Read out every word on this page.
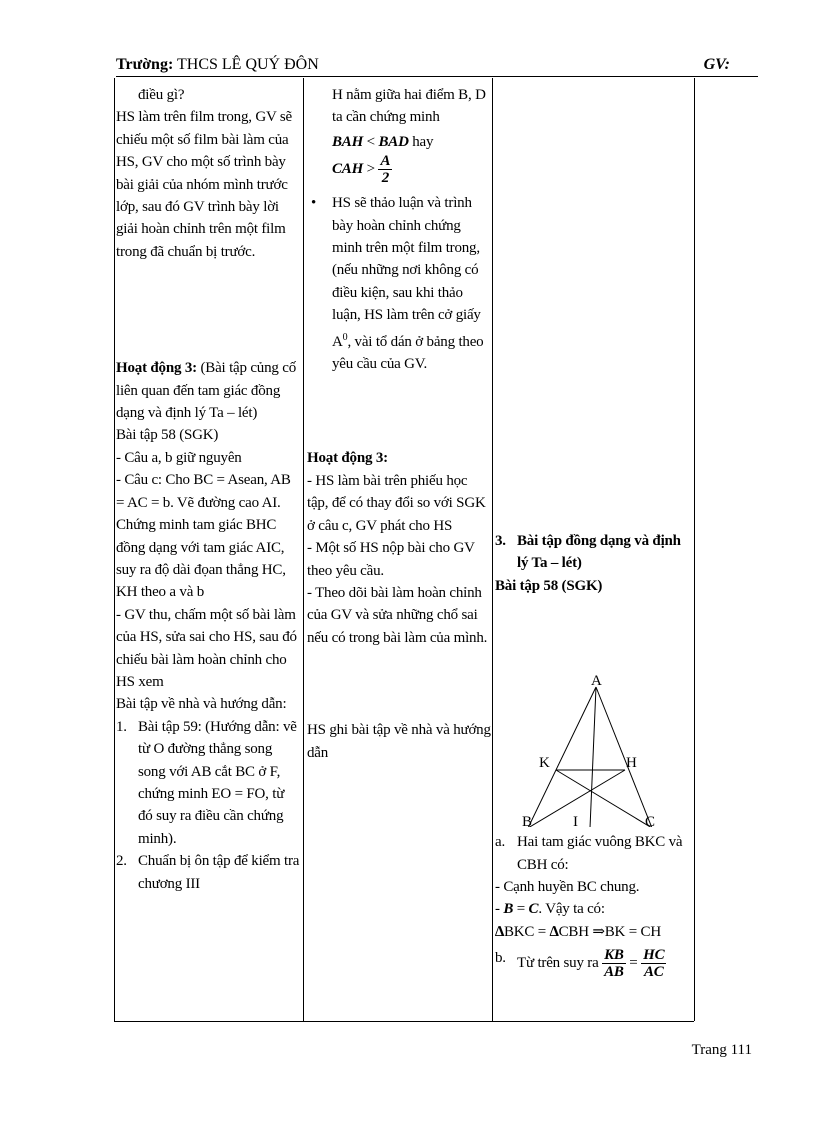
Trường: THCS LÊ QUÝ ĐÔN	GV:

điều gì?

HS làm trên film trong, GV sẽ chiếu một số film bài làm của HS, GV cho một số trình bày bài giải của nhóm mình trước lớp, sau đó GV trình bày lời giải hoàn chỉnh trên một film trong đã chuẩn bị trước.

Hoạt động 3: (Bài tập củng cố liên quan đến tam giác đồng dạng và định lý Ta – lét)

Bài tập 58 (SGK)

- Câu a, b giữ nguyên

- Câu c: Cho BC = Asean, AB = AC = b. Vẽ đường cao AI. Chứng minh tam giác BHC đồng dạng với tam giác AIC, suy ra độ dài đọan thẳng HC, KH theo a và b

- GV thu, chấm một số bài làm của HS, sửa sai cho HS, sau đó chiếu bài làm hoàn chỉnh cho HS xem

Bài tập về nhà và hướng dẫn:

1. Bài tập 59: (Hướng dẫn: vẽ từ O đường thẳng song song với AB cắt BC ở F, chứng minh EO = FO, từ đó suy ra điều cần chứng minh).
2. Chuẩn bị ôn tập để kiểm tra chương III

H nằm giữa hai điểm B, D ta cần chứng minh

BAH < BAD hay

CAH > $\frac{A}{2}$

• HS sẽ thảo luận và trình bày hoàn chỉnh chứng minh trên một film trong, (nếu những nơi không có điều kiện, sau khi thảo luận, HS làm trên cở giấy $A^0$, vài tổ dán ở bảng theo yêu cầu của GV.

Hoạt động 3:

- HS làm bài trên phiếu học tập, để có thay đổi so với SGK ở câu c, GV phát cho HS

- Một số HS nộp bài cho GV theo yêu cầu.

- Theo dõi bài làm hoàn chỉnh của GV và sửa những chổ sai nếu có trong bài làm của mình.

HS ghi bài tập về nhà và hướng dẫn

3. Bài tập đồng dạng và định lý Ta – lét)

Bài tập 58 (SGK)

A
K	H
B	I	C
a. Hai tam giác vuông BKC và CBH có:

- Cạnh huyền BC chung.

- B = C. Vậy ta có:

∆BKC = ∆CBH ⇒BK = CH

b. Từ trên suy ra $\frac{KB}{AB} = \frac{HC}{AC}$
Trang 111
